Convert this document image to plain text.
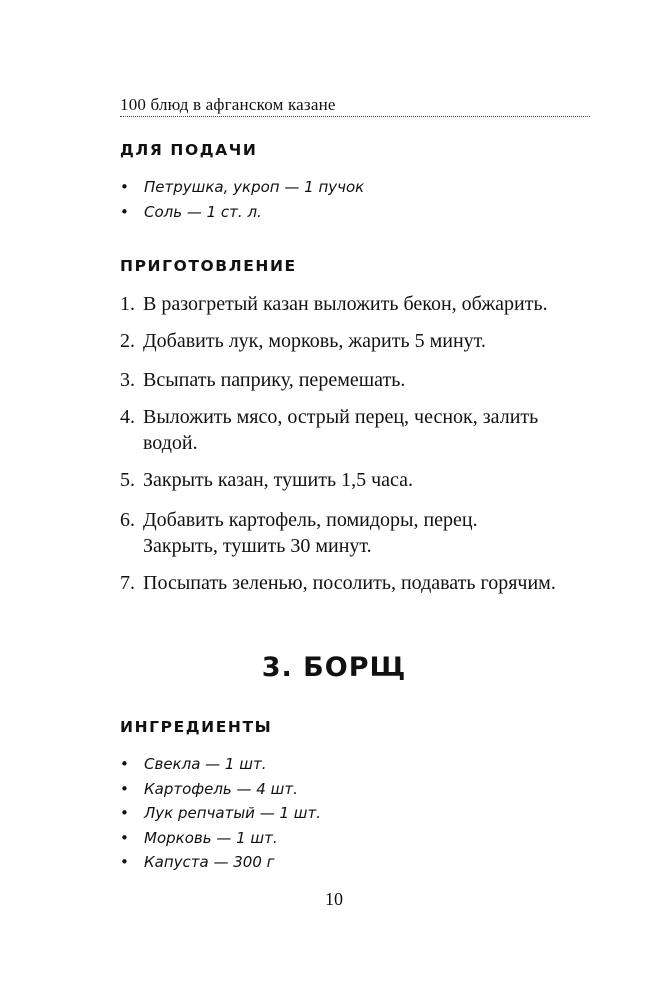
100 блюд в афганском казане
ДЛЯ ПОДАЧИ
• Петрушка, укроп — 1 пучок
• Соль — 1 ст. л.
ПРИГОТОВЛЕНИЕ
1. В разогретый казан выложить бекон, обжарить.
2. Добавить лук, морковь, жарить 5 минут.
3. Всыпать паприку, перемешать.
4. Выложить мясо, острый перец, чеснок, залить водой.
5. Закрыть казан, тушить 1,5 часа.
6. Добавить картофель, помидоры, перец. Закрыть, тушить 30 минут.
7. Посыпать зеленью, посолить, подавать горячим.
3. БОРЩ
ИНГРЕДИЕНТЫ
• Свекла — 1 шт.
• Картофель — 4 шт.
• Лук репчатый — 1 шт.
• Морковь — 1 шт.
• Капуста — 300 г
10
